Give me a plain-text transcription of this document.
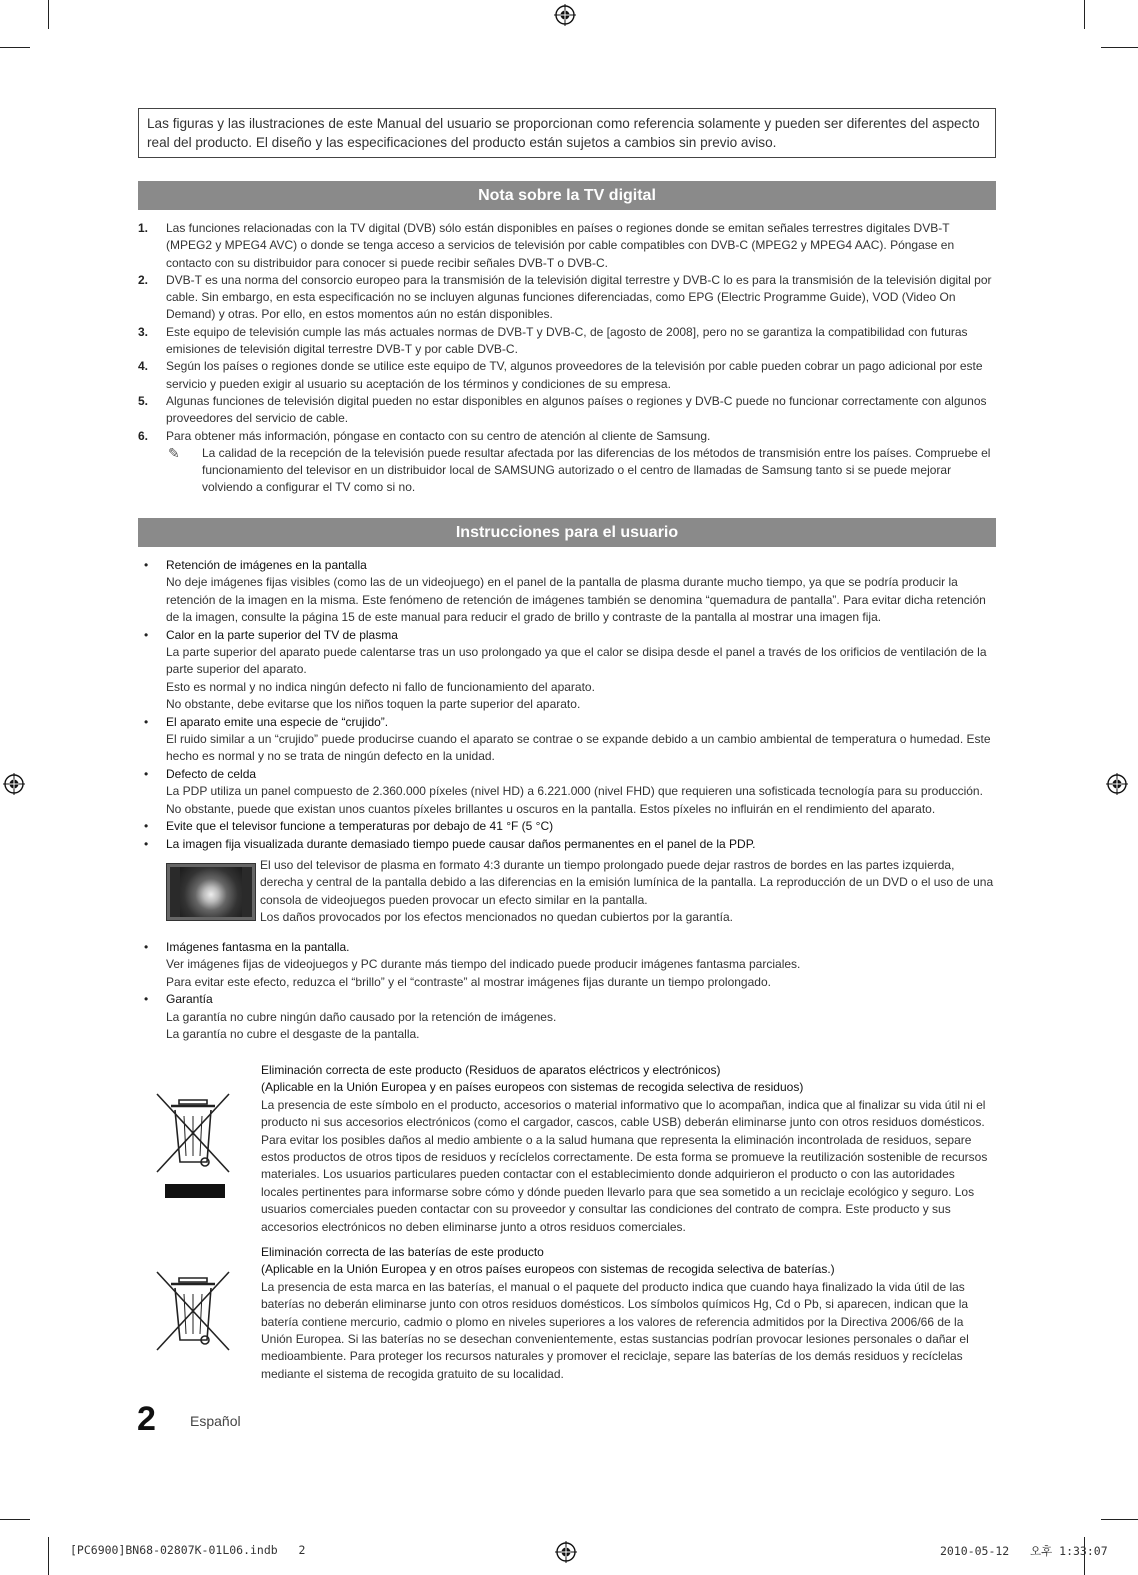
Las figuras y las ilustraciones de este Manual del usuario se proporcionan como referencia solamente y pueden ser diferentes del aspecto real del producto. El diseño y las especificaciones del producto están sujetos a cambios sin previo aviso.
Nota sobre la TV digital
1. Las funciones relacionadas con la TV digital (DVB) sólo están disponibles en países o regiones donde se emitan señales terrestres digitales DVB-T (MPEG2 y MPEG4 AVC) o donde se tenga acceso a servicios de televisión por cable compatibles con DVB-C (MPEG2 y MPEG4 AAC). Póngase en contacto con su distribuidor para conocer si puede recibir señales DVB-T o DVB-C.
2. DVB-T es una norma del consorcio europeo para la transmisión de la televisión digital terrestre y DVB-C lo es para la transmisión de la televisión digital por cable. Sin embargo, en esta especificación no se incluyen algunas funciones diferenciadas, como EPG (Electric Programme Guide), VOD (Video On Demand) y otras. Por ello, en estos momentos aún no están disponibles.
3. Este equipo de televisión cumple las más actuales normas de DVB-T y DVB-C, de [agosto de 2008], pero no se garantiza la compatibilidad con futuras emisiones de televisión digital terrestre DVB-T y por cable DVB-C.
4. Según los países o regiones donde se utilice este equipo de TV, algunos proveedores de la televisión por cable pueden cobrar un pago adicional por este servicio y pueden exigir al usuario su aceptación de los términos y condiciones de su empresa.
5. Algunas funciones de televisión digital pueden no estar disponibles en algunos países o regiones y DVB-C puede no funcionar correctamente con algunos proveedores del servicio de cable.
6. Para obtener más información, póngase en contacto con su centro de atención al cliente de Samsung.
✎ La calidad de la recepción de la televisión puede resultar afectada por las diferencias de los métodos de transmisión entre los países. Compruebe el funcionamiento del televisor en un distribuidor local de SAMSUNG autorizado o el centro de llamadas de Samsung tanto si se puede mejorar volviendo a configurar el TV como si no.
Instrucciones para el usuario
• Retención de imágenes en la pantalla
No deje imágenes fijas visibles (como las de un videojuego) en el panel de la pantalla de plasma durante mucho tiempo, ya que se podría producir la retención de la imagen en la misma. Este fenómeno de retención de imágenes también se denomina “quemadura de pantalla”. Para evitar dicha retención de la imagen, consulte la página 15 de este manual para reducir el grado de brillo y contraste de la pantalla al mostrar una imagen fija.
• Calor en la parte superior del TV de plasma
La parte superior del aparato puede calentarse tras un uso prolongado ya que el calor se disipa desde el panel a través de los orificios de ventilación de la parte superior del aparato.
Esto es normal y no indica ningún defecto ni fallo de funcionamiento del aparato.
No obstante, debe evitarse que los niños toquen la parte superior del aparato.
• El aparato emite una especie de “crujido”.
El ruido similar a un “crujido” puede producirse cuando el aparato se contrae o se expande debido a un cambio ambiental de temperatura o humedad. Este hecho es normal y no se trata de ningún defecto en la unidad.
• Defecto de celda
La PDP utiliza un panel compuesto de 2.360.000 píxeles (nivel HD) a 6.221.000 (nivel FHD) que requieren una sofisticada tecnología para su producción. No obstante, puede que existan unos cuantos píxeles brillantes u oscuros en la pantalla. Estos píxeles no influirán en el rendimiento del aparato.
• Evite que el televisor funcione a temperaturas por debajo de 41 °F (5 °C)
• La imagen fija visualizada durante demasiado tiempo puede causar daños permanentes en el panel de la PDP.
El uso del televisor de plasma en formato 4:3 durante un tiempo prolongado puede dejar rastros de bordes en las partes izquierda, derecha y central de la pantalla debido a las diferencias en la emisión lumínica de la pantalla. La reproducción de un DVD o el uso de una consola de videojuegos pueden provocar un efecto similar en la pantalla.
Los daños provocados por los efectos mencionados no quedan cubiertos por la garantía.
• Imágenes fantasma en la pantalla.
Ver imágenes fijas de videojuegos y PC durante más tiempo del indicado puede producir imágenes fantasma parciales.
Para evitar este efecto, reduzca el “brillo” y el “contraste” al mostrar imágenes fijas durante un tiempo prolongado.
• Garantía
La garantía no cubre ningún daño causado por la retención de imágenes.
La garantía no cubre el desgaste de la pantalla.
Eliminación correcta de este producto (Residuos de aparatos eléctricos y electrónicos)
(Aplicable en la Unión Europea y en países europeos con sistemas de recogida selectiva de residuos)
La presencia de este símbolo en el producto, accesorios o material informativo que lo acompañan, indica que al finalizar su vida útil ni el producto ni sus accesorios electrónicos (como el cargador, cascos, cable USB) deberán eliminarse junto con otros residuos domésticos. Para evitar los posibles daños al medio ambiente o a la salud humana que representa la eliminación incontrolada de residuos, separe estos productos de otros tipos de residuos y recíclelos correctamente. De esta forma se promueve la reutilización sostenible de recursos materiales. Los usuarios particulares pueden contactar con el establecimiento donde adquirieron el producto o con las autoridades locales pertinentes para informarse sobre cómo y dónde pueden llevarlo para que sea sometido a un reciclaje ecológico y seguro. Los usuarios comerciales pueden contactar con su proveedor y consultar las condiciones del contrato de compra. Este producto y sus accesorios electrónicos no deben eliminarse junto a otros residuos comerciales.
Eliminación correcta de las baterías de este producto
(Aplicable en la Unión Europea y en otros países europeos con sistemas de recogida selectiva de baterías.)
La presencia de esta marca en las baterías, el manual o el paquete del producto indica que cuando haya finalizado la vida útil de las baterías no deberán eliminarse junto con otros residuos domésticos. Los símbolos químicos Hg, Cd o Pb, si aparecen, indican que la batería contiene mercurio, cadmio o plomo en niveles superiores a los valores de referencia admitidos por la Directiva 2006/66 de la Unión Europea. Si las baterías no se desechan convenientemente, estas sustancias podrían provocar lesiones personales o dañar el medioambiente. Para proteger los recursos naturales y promover el reciclaje, separe las baterías de los demás residuos y recíclelas mediante el sistema de recogida gratuito de su localidad.
2 Español
[PC6900]BN68-02807K-01L06.indb   2	2010-05-12   오후 1:33:07
